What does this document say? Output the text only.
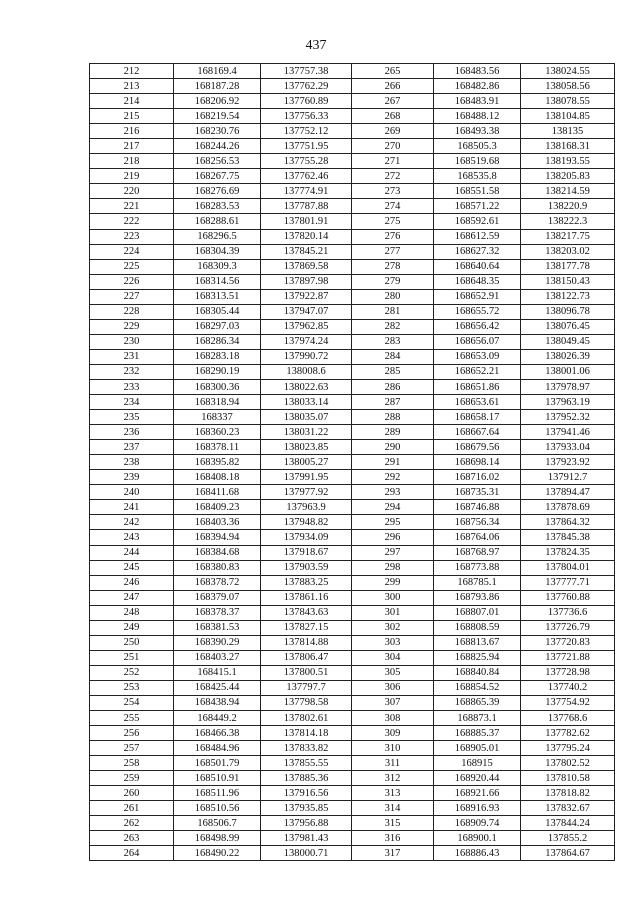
437
212	168169.4	137757.38	265	168483.56	138024.55
213	168187.28	137762.29	266	168482.86	138058.56
214	168206.92	137760.89	267	168483.91	138078.55
215	168219.54	137756.33	268	168488.12	138104.85
216	168230.76	137752.12	269	168493.38	138135
217	168244.26	137751.95	270	168505.3	138168.31
218	168256.53	137755.28	271	168519.68	138193.55
219	168267.75	137762.46	272	168535.8	138205.83
220	168276.69	137774.91	273	168551.58	138214.59
221	168283.53	137787.88	274	168571.22	138220.9
222	168288.61	137801.91	275	168592.61	138222.3
223	168296.5	137820.14	276	168612.59	138217.75
224	168304.39	137845.21	277	168627.32	138203.02
225	168309.3	137869.58	278	168640.64	138177.78
226	168314.56	137897.98	279	168648.35	138150.43
227	168313.51	137922.87	280	168652.91	138122.73
228	168305.44	137947.07	281	168655.72	138096.78
229	168297.03	137962.85	282	168656.42	138076.45
230	168286.34	137974.24	283	168656.07	138049.45
231	168283.18	137990.72	284	168653.09	138026.39
232	168290.19	138008.6	285	168652.21	138001.06
233	168300.36	138022.63	286	168651.86	137978.97
234	168318.94	138033.14	287	168653.61	137963.19
235	168337	138035.07	288	168658.17	137952.32
236	168360.23	138031.22	289	168667.64	137941.46
237	168378.11	138023.85	290	168679.56	137933.04
238	168395.82	138005.27	291	168698.14	137923.92
239	168408.18	137991.95	292	168716.02	137912.7
240	168411.68	137977.92	293	168735.31	137894.47
241	168409.23	137963.9	294	168746.88	137878.69
242	168403.36	137948.82	295	168756.34	137864.32
243	168394.94	137934.09	296	168764.06	137845.38
244	168384.68	137918.67	297	168768.97	137824.35
245	168380.83	137903.59	298	168773.88	137804.01
246	168378.72	137883.25	299	168785.1	137777.71
247	168379.07	137861.16	300	168793.86	137760.88
248	168378.37	137843.63	301	168807.01	137736.6
249	168381.53	137827.15	302	168808.59	137726.79
250	168390.29	137814.88	303	168813.67	137720.83
251	168403.27	137806.47	304	168825.94	137721.88
252	168415.1	137800.51	305	168840.84	137728.98
253	168425.44	137797.7	306	168854.52	137740.2
254	168438.94	137798.58	307	168865.39	137754.92
255	168449.2	137802.61	308	168873.1	137768.6
256	168466.38	137814.18	309	168885.37	137782.62
257	168484.96	137833.82	310	168905.01	137795.24
258	168501.79	137855.55	311	168915	137802.52
259	168510.91	137885.36	312	168920.44	137810.58
260	168511.96	137916.56	313	168921.66	137818.82
261	168510.56	137935.85	314	168916.93	137832.67
262	168506.7	137956.88	315	168909.74	137844.24
263	168498.99	137981.43	316	168900.1	137855.2
264	168490.22	138000.71	317	168886.43	137864.67
